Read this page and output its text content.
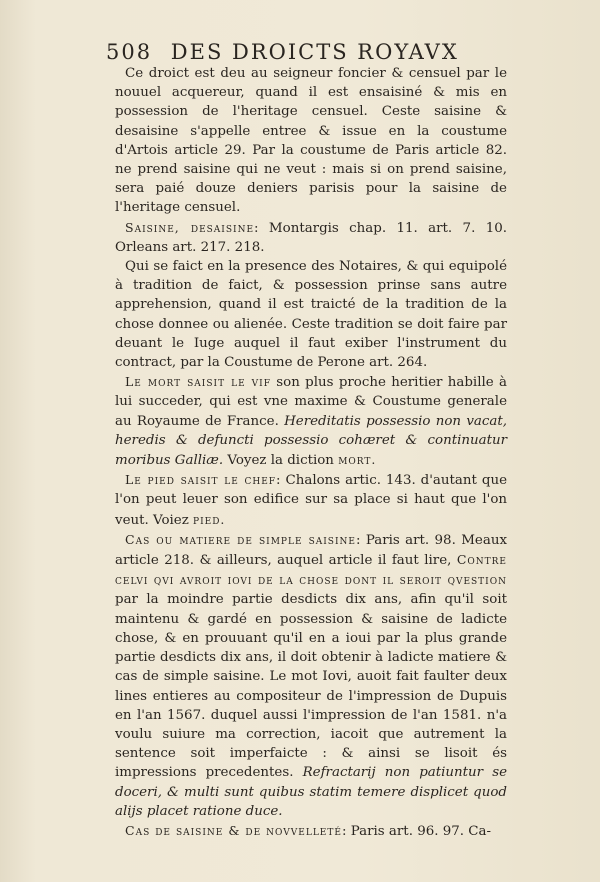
508 DES DROICTS ROYAVX

Ce droict est deu au seigneur foncier & censuel par le nouuel acquereur, quand il est ensaisiné & mis en possession de l'heritage censuel. Ceste saisine & desaisine s'appelle entree & issue en la coustume d'Artois article 29. Par la coustume de Paris article 82. ne prend saisine qui ne veut : mais si on prend saisine, sera paié douze deniers parisis pour la saisine de l'heritage censuel.

Saisine, desaisine: Montargis chap. 11. art. 7. 10. Orleans art. 217. 218.

Qui se faict en la presence des Notaires, & qui equipolé à tradition de faict, & possession prinse sans autre apprehension, quand il est traicté de la tradition de la chose donnee ou alienée. Ceste tradition se doit faire par deuant le Iuge auquel il faut exiber l'instrument du contract, par la Coustume de Perone art. 264.

Le mort saisit le vif son plus proche heritier habille à lui succeder, qui est vne maxime & Coustume generale au Royaume de France. Hereditatis possessio non vacat, heredis & defuncti possessio cohæret & continuatur moribus Galliæ. Voyez la diction mort.

Le pied saisit le chef: Chalons artic. 143. d'autant que l'on peut leuer son edifice sur sa place si haut que l'on veut. Voiez pied.

Cas ou matiere de simple saisine: Paris art. 98. Meaux article 218. & ailleurs, auquel article il faut lire, Contre celvi qvi avroit iovi de la chose dont il seroit qvestion par la moindre partie desdicts dix ans, afin qu'il soit maintenu & gardé en possession & saisine de ladicte chose, & en prouuant qu'il en a ioui par la plus grande partie desdicts dix ans, il doit obtenir à ladicte matiere & cas de simple saisine. Le mot Iovi, auoit fait faulter deux lines entieres au compositeur de l'impression de Dupuis en l'an 1567. duquel aussi l'impression de l'an 1581. n'a voulu suiure ma correction, iacoit que autrement la sentence soit imperfaicte : & ainsi se lisoit és impressions precedentes. Refractarij non patiuntur se doceri, & multi sunt quibus statim temere displicet quod alijs placet ratione duce.

Cas de saisine & de novvelleté: Paris art. 96. 97. Ca-
